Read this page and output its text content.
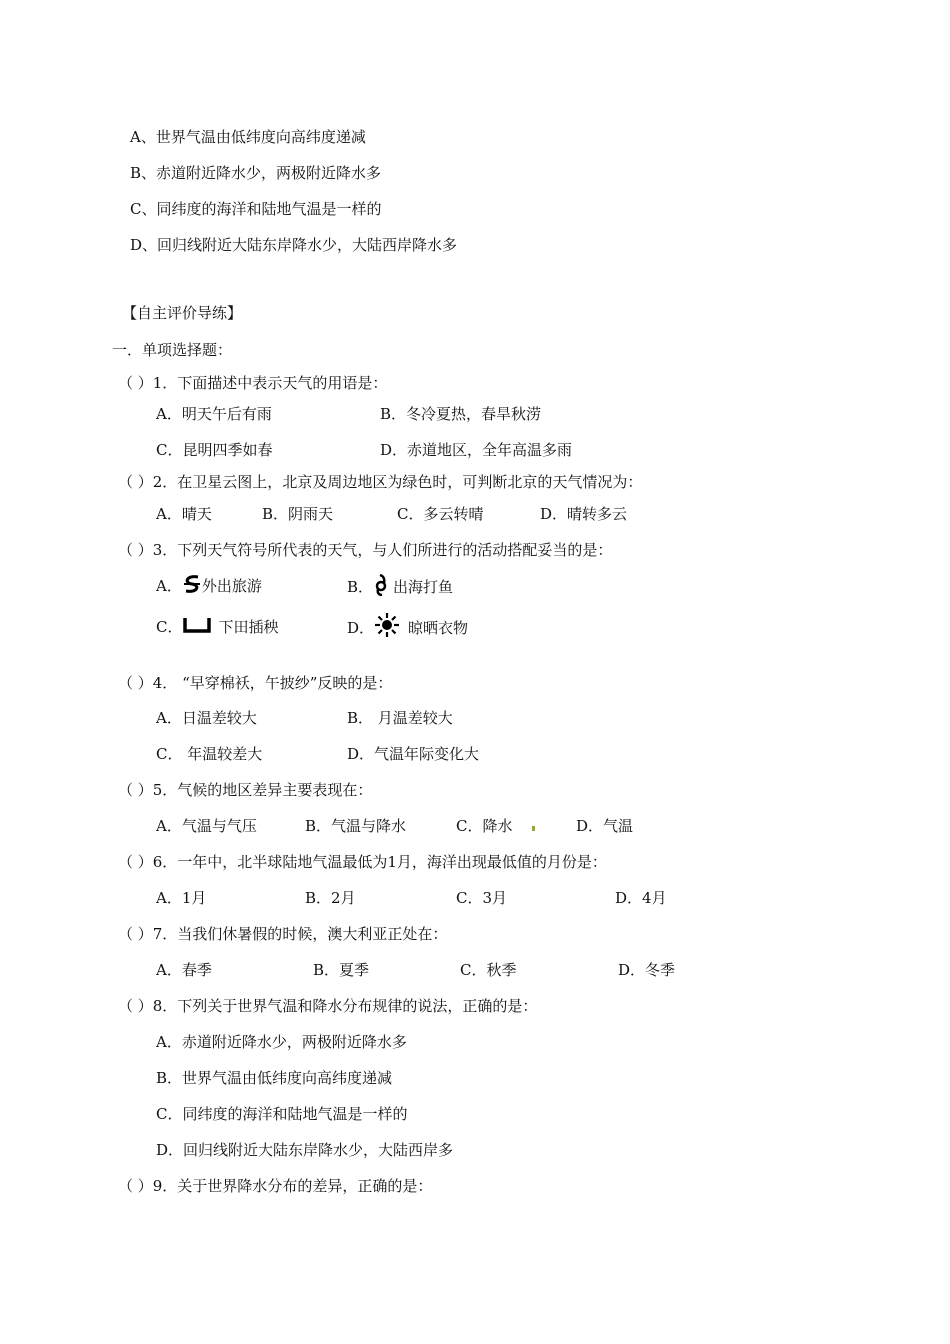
A、世界气温由低纬度向高纬度递减
B、赤道附近降水少，两极附近降水多
C、同纬度的海洋和陆地气温是一样的
D、回归线附近大陆东岸降水少，大陆西岸降水多
【自主评价导练】
一．单项选择题：
（ ）1．下面描述中表示天气的用语是：
A．明天午后有雨	B．冬冷夏热，春旱秋涝
C．昆明四季如春	D．赤道地区，全年高温多雨
（ ）2．在卫星云图上，北京及周边地区为绿色时，可判断北京的天气情况为：
A．晴天	B．阴雨天	C．多云转晴	D．晴转多云
（ ）3．下列天气符号所代表的天气，与人们所进行的活动搭配妥当的是：
A． 外出旅游	B． 出海打鱼
C． 下田插秧	D． 晾晒衣物
（ ）4． “早穿棉袄，午披纱”反映的是：
A．日温差较大	B． 月温差较大
C． 年温较差大	D．气温年际变化大
（ ）5．气候的地区差异主要表现在：
A．气温与气压	B．气温与降水	C．降水	D．气温
（ ）6．一年中，北半球陆地气温最低为1月，海洋出现最低值的月份是：
A．1月	B．2月	C．3月	D．4月
（ ）7．当我们休暑假的时候，澳大利亚正处在：
A．春季	B．夏季	C．秋季	D．冬季
（ ）8．下列关于世界气温和降水分布规律的说法，正确的是：
A．赤道附近降水少，两极附近降水多
B．世界气温由低纬度向高纬度递减
C．同纬度的海洋和陆地气温是一样的
D．回归线附近大陆东岸降水少，大陆西岸多
（ ）9．关于世界降水分布的差异，正确的是：
